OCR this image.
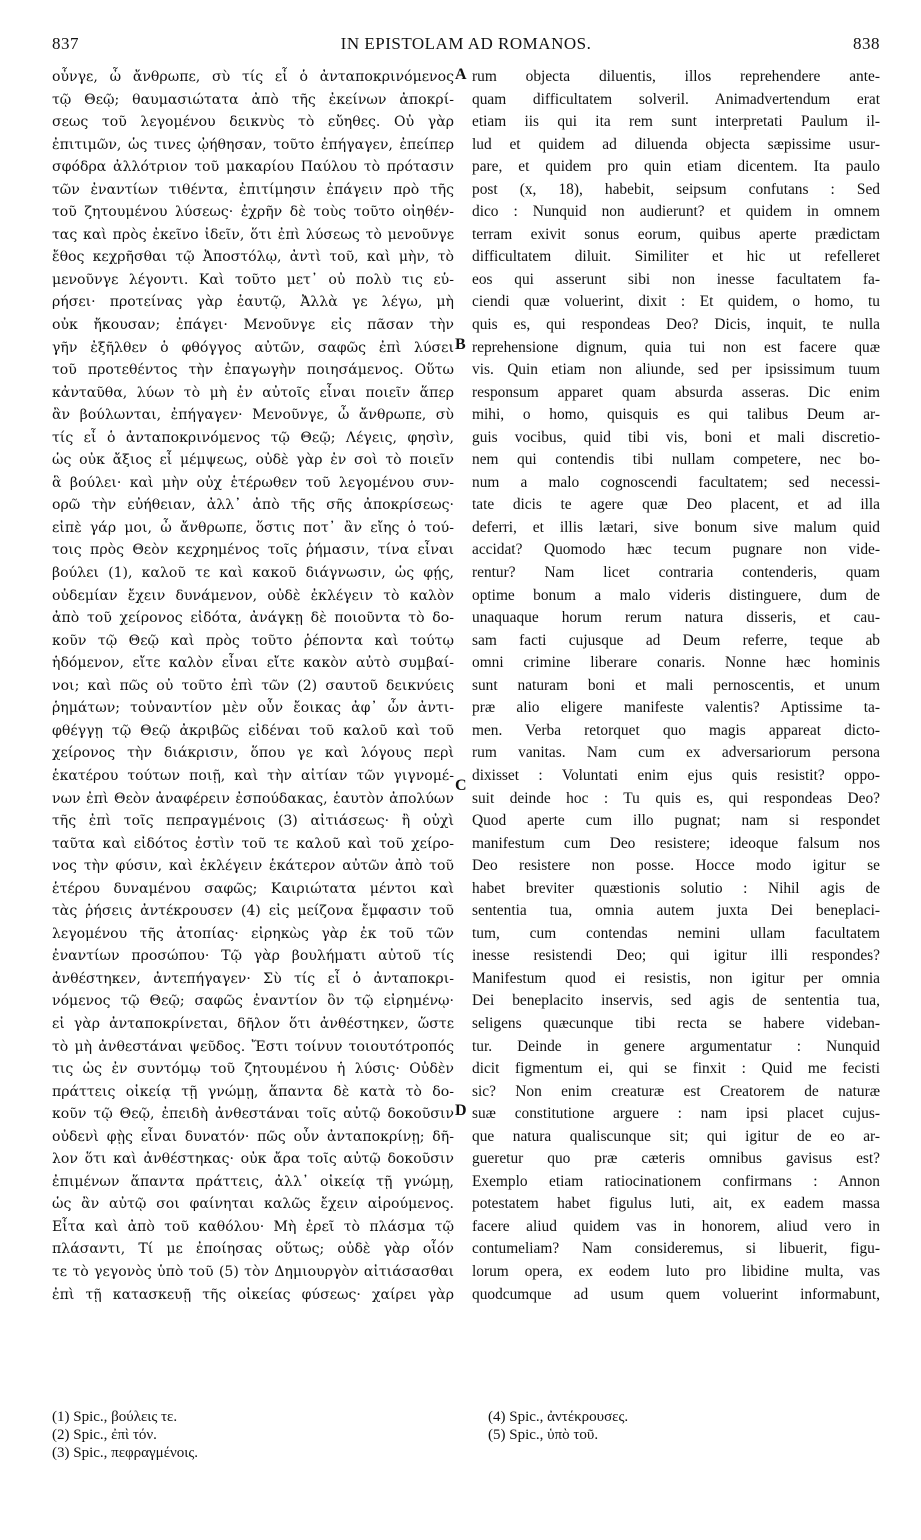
837	IN EPISTOLAM AD ROMANOS.	838
οὖνγε, ὦ ἄνθρωπε, σὺ τίς εἶ ὁ ἀνταποκρινόμενος
τῷ Θεῷ; θαυμασιώτατα ἀπὸ τῆς ἐκείνων ἀποκρί-
σεως τοῦ λεγομένου δεικνὺς τὸ εὔηθες. Οὐ γὰρ
ἐπιτιμῶν, ὡς τινες ᾠήθησαν, τοῦτο ἐπήγαγεν, ἐπείπερ
σφόδρα ἀλλότριον τοῦ μακαρίου Παύλου τὸ πρότασιν
τῶν ἐναντίων τιθέντα, ἐπιτίμησιν ἐπάγειν πρὸ τῆς
τοῦ ζητουμένου λύσεως· ἐχρῆν δὲ τοὺς τοῦτο οἰηθέν-
τας καὶ πρὸς ἐκεῖνο ἰδεῖν, ὅτι ἐπὶ λύσεως τὸ μενοῦνγε
ἔθος κεχρῆσθαι τῷ Ἀποστόλῳ, ἀντὶ τοῦ, καὶ μὴν, τὸ
μενοῦνγε λέγοντι. Καὶ τοῦτο μετ᾽ οὐ πολὺ τις εὑ-
ρήσει· προτείνας γὰρ ἑαυτῷ, Ἀλλὰ γε λέγω, μὴ
οὐκ ἤκουσαν; ἐπάγει· Μενοῦνγε εἰς πᾶσαν τὴν
γῆν ἐξῆλθεν ὁ φθόγγος αὐτῶν, σαφῶς ἐπὶ λύσει
τοῦ προτεθέντος τὴν ἐπαγωγὴν ποιησάμενος. Οὕτω
κἀνταῦθα, λύων τὸ μὴ ἐν αὐτοῖς εἶναι ποιεῖν ἅπερ
ἂν βούλωνται, ἐπήγαγεν· Μενοῦνγε, ὦ ἄνθρωπε, σὺ
τίς εἶ ὁ ἀνταποκρινόμενος τῷ Θεῷ; Λέγεις, φησὶν,
ὡς οὐκ ἄξιος εἶ μέμψεως, οὐδὲ γὰρ ἐν σοὶ τὸ ποιεῖν
ἃ βούλει· καὶ μὴν οὐχ ἑτέρωθεν τοῦ λεγομένου συν-
ορῶ τὴν εὐήθειαν, ἀλλ᾽ ἀπὸ τῆς σῆς ἀποκρίσεως·
εἰπὲ γάρ μοι, ὦ ἄνθρωπε, ὅστις ποτ᾽ ἂν εἴης ὁ τού-
τοις πρὸς Θεὸν κεχρημένος τοῖς ῥήμασιν, τίνα εἶναι
βούλει (1), καλοῦ τε καὶ κακοῦ διάγνωσιν, ὡς φῄς,
οὐδεμίαν ἔχειν δυνάμενον, οὐδὲ ἐκλέγειν τὸ καλὸν
ἀπὸ τοῦ χείρονος εἰδότα, ἀνάγκῃ δὲ ποιοῦντα τὸ δο-
κοῦν τῷ Θεῷ καὶ πρὸς τοῦτο ῥέποντα καὶ τούτῳ
ἡδόμενον, εἴτε καλὸν εἶναι εἴτε κακὸν αὐτὸ συμβαί-
νοι; καὶ πῶς οὐ τοῦτο ἐπὶ τῶν (2) σαυτοῦ δεικνύεις
ῥημάτων; τοὐναντίον μὲν οὖν ἔοικας ἀφ᾽ ὧν ἀντι-
φθέγγῃ τῷ Θεῷ ἀκριβῶς εἰδέναι τοῦ καλοῦ καὶ τοῦ
χείρονος τὴν διάκρισιν, ὅπου γε καὶ λόγους περὶ
ἑκατέρου τούτων ποιῇ, καὶ τὴν αἰτίαν τῶν γιγνομέ-
νων ἐπὶ Θεὸν ἀναφέρειν ἐσπούδακας, ἑαυτὸν ἀπολύων
τῆς ἐπὶ τοῖς πεπραγμένοις (3) αἰτιάσεως· ἢ οὐχὶ
ταῦτα καὶ εἰδότος ἐστὶν τοῦ τε καλοῦ καὶ τοῦ χείρο-
νος τὴν φύσιν, καὶ ἐκλέγειν ἑκάτερον αὐτῶν ἀπὸ τοῦ
ἑτέρου δυναμένου σαφῶς; Καιριώτατα μέντοι καὶ
τὰς ῥήσεις ἀντέκρουσεν (4) εἰς μείζονα ἔμφασιν τοῦ
λεγομένου τῆς ἀτοπίας· εἰρηκὼς γὰρ ἐκ τοῦ τῶν
ἐναντίων προσώπου· Τῷ γὰρ βουλήματι αὐτοῦ τίς
ἀνθέστηκεν, ἀντεπήγαγεν· Σὺ τίς εἶ ὁ ἀνταποκρι-
νόμενος τῷ Θεῷ; σαφῶς ἐναντίον ὂν τῷ εἰρημένῳ·
εἰ γὰρ ἀνταποκρίνεται, δῆλον ὅτι ἀνθέστηκεν, ὥστε
τὸ μὴ ἀνθεστάναι ψεῦδος. Ἔστι τοίνυν τοιουτότροπός
τις ὡς ἐν συντόμῳ τοῦ ζητουμένου ἡ λύσις· Οὐδὲν
πράττεις οἰκείᾳ τῇ γνώμῃ, ἅπαντα δὲ κατὰ τὸ δο-
κοῦν τῷ Θεῷ, ἐπειδὴ ἀνθεστάναι τοῖς αὐτῷ δοκοῦσιν
οὐδενὶ φῂς εἶναι δυνατόν· πῶς οὖν ἀνταποκρίνῃ; δῆ-
λον ὅτι καὶ ἀνθέστηκας· οὐκ ἄρα τοῖς αὐτῷ δοκοῦσιν
ἐπιμένων ἅπαντα πράττεις, ἀλλ᾽ οἰκείᾳ τῇ γνώμῃ,
ὡς ἂν αὐτῷ σοι φαίνηται καλῶς ἔχειν αἱρούμενος.
Εἶτα καὶ ἀπὸ τοῦ καθόλου· Μὴ ἐρεῖ τὸ πλάσμα τῷ
πλάσαντι, Τί με ἐποίησας οὕτως; οὐδὲ γὰρ οἷόν
τε τὸ γεγονὸς ὑπὸ τοῦ (5) τὸν Δημιουργὸν αἰτιάσασθαι
ἐπὶ τῇ κατασκευῇ τῆς οἰκείας φύσεως· χαίρει γὰρ
rum objecta diluentis, illos reprehendere ante-
quam difficultatem solveril. Animadvertendum erat
etiam iis qui ita rem sunt interpretati Paulum il-
lud et quidem ad diluenda objecta sæpissime usur-
pare, et quidem pro quin etiam dicentem. Ita paulo
post (x, 18), habebit, seipsum confutans : Sed
dico : Nunquid non audierunt? et quidem in omnem
terram exivit sonus eorum, quibus aperte prædictam
difficultatem diluit. Similiter et hic ut refelleret
eos qui asserunt sibi non inesse facultatem fa-
ciendi quæ voluerint, dixit : Et quidem, o homo, tu
quis es, qui respondeas Deo? Dicis, inquit, te nulla
reprehensione dignum, quia tui non est facere quæ
vis. Quin etiam non aliunde, sed per ipsissimum tuum
responsum apparet quam absurda asseras. Dic enim
mihi, o homo, quisquis es qui talibus Deum ar-
guis vocibus, quid tibi vis, boni et mali discretio-
nem qui contendis tibi nullam competere, nec bo-
num a malo cognoscendi facultatem; sed necessi-
tate dicis te agere quæ Deo placent, et ad illa
deferri, et illis lætari, sive bonum sive malum quid
accidat? Quomodo hæc tecum pugnare non vide-
rentur? Nam licet contraria contenderis, quam
optime bonum a malo videris distinguere, dum de
unaquaque horum rerum natura disseris, et cau-
sam facti cujusque ad Deum referre, teque ab
omni crimine liberare conaris. Nonne hæc hominis
sunt naturam boni et mali pernoscentis, et unum
præ alio eligere manifeste valentis? Aptissime ta-
men. Verba retorquet quo magis appareat dicto-
rum vanitas. Nam cum ex adversariorum persona
dixisset : Voluntati enim ejus quis resistit? oppo-
suit deinde hoc : Tu quis es, qui respondeas Deo?
Quod aperte cum illo pugnat; nam si respondet
manifestum cum Deo resistere; ideoque falsum nos
Deo resistere non posse. Hocce modo igitur se
habet breviter quæstionis solutio : Nihil agis de
sententia tua, omnia autem juxta Dei beneplaci-
tum, cum contendas nemini ullam facultatem
inesse resistendi Deo; qui igitur illi respondes?
Manifestum quod ei resistis, non igitur per omnia
Dei beneplacito inservis, sed agis de sententia tua,
seligens quæcunque tibi recta se habere videban-
tur. Deinde in genere argumentatur : Nunquid
dicit figmentum ei, qui se finxit : Quid me fecisti
sic? Non enim creaturæ est Creatorem de naturæ
suæ constitutione arguere : nam ipsi placet cujus-
que natura qualiscunque sit; qui igitur de eo ar-
gueretur quo præ cæteris omnibus gavisus est?
Exemplo etiam ratiocinationem confirmans : Annon
potestatem habet figulus luti, ait, ex eadem massa
facere aliud quidem vas in honorem, aliud vero in
contumeliam? Nam consideremus, si libuerit, figu-
lorum opera, ex eodem luto pro libidine multa, vas
quodcumque ad usum quem voluerint informabunt,
A
B
C
D
(1) Spic., βούλεις τε.
(2) Spic., ἐπὶ τόν.
(3) Spic., πεφραγμένοις.
(4) Spic., ἀντέκρουσες.
(5) Spic., ὑπὸ τοῦ.
